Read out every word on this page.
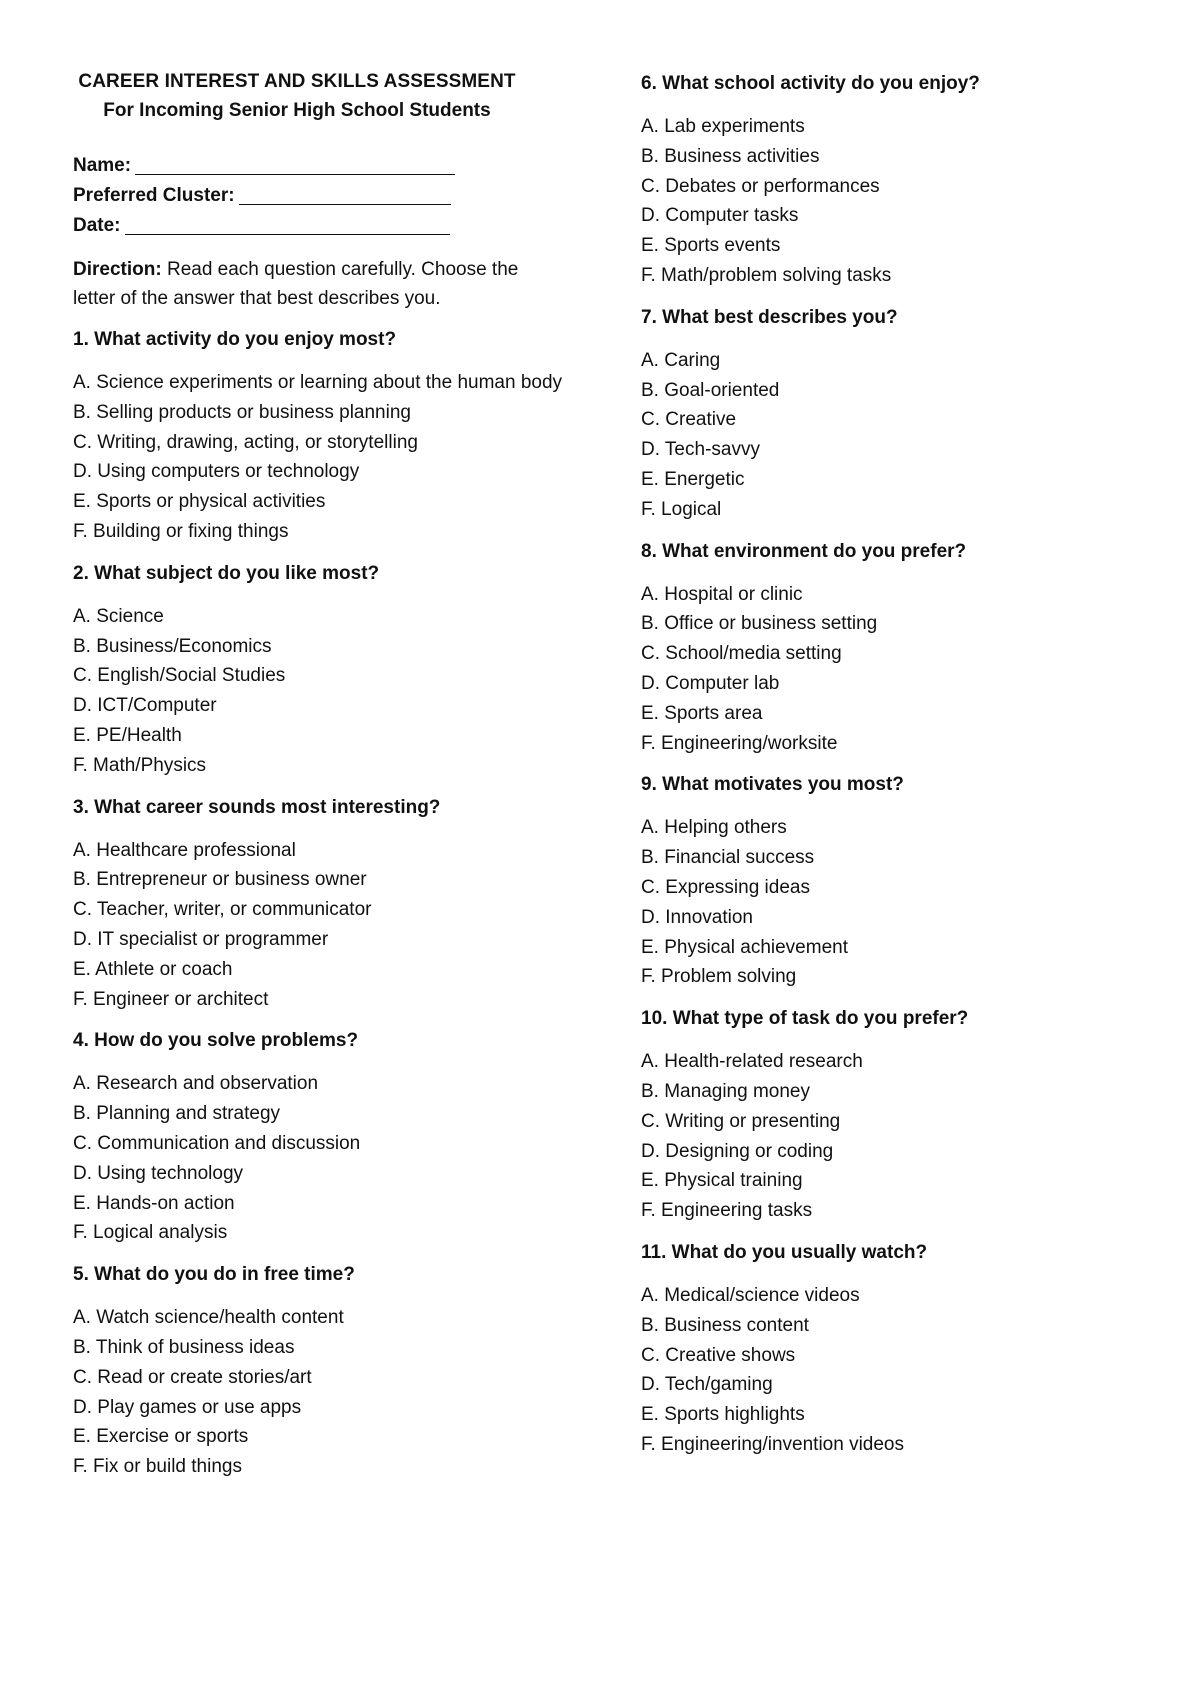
CAREER INTEREST AND SKILLS ASSESSMENT
For Incoming Senior High School Students
Name:
Preferred Cluster:
Date:
Direction: Read each question carefully. Choose the letter of the answer that best describes you.
1. What activity do you enjoy most?
A. Science experiments or learning about the human body
B. Selling products or business planning
C. Writing, drawing, acting, or storytelling
D. Using computers or technology
E. Sports or physical activities
F. Building or fixing things
2. What subject do you like most?
A. Science
B. Business/Economics
C. English/Social Studies
D. ICT/Computer
E. PE/Health
F. Math/Physics
3. What career sounds most interesting?
A. Healthcare professional
B. Entrepreneur or business owner
C. Teacher, writer, or communicator
D. IT specialist or programmer
E. Athlete or coach
F. Engineer or architect
4. How do you solve problems?
A. Research and observation
B. Planning and strategy
C. Communication and discussion
D. Using technology
E. Hands-on action
F. Logical analysis
5. What do you do in free time?
A. Watch science/health content
B. Think of business ideas
C. Read or create stories/art
D. Play games or use apps
E. Exercise or sports
F. Fix or build things
6. What school activity do you enjoy?
A. Lab experiments
B. Business activities
C. Debates or performances
D. Computer tasks
E. Sports events
F. Math/problem solving tasks
7. What best describes you?
A. Caring
B. Goal-oriented
C. Creative
D. Tech-savvy
E. Energetic
F. Logical
8. What environment do you prefer?
A. Hospital or clinic
B. Office or business setting
C. School/media setting
D. Computer lab
E. Sports area
F. Engineering/worksite
9. What motivates you most?
A. Helping others
B. Financial success
C. Expressing ideas
D. Innovation
E. Physical achievement
F. Problem solving
10. What type of task do you prefer?
A. Health-related research
B. Managing money
C. Writing or presenting
D. Designing or coding
E. Physical training
F. Engineering tasks
11. What do you usually watch?
A. Medical/science videos
B. Business content
C. Creative shows
D. Tech/gaming
E. Sports highlights
F. Engineering/invention videos
